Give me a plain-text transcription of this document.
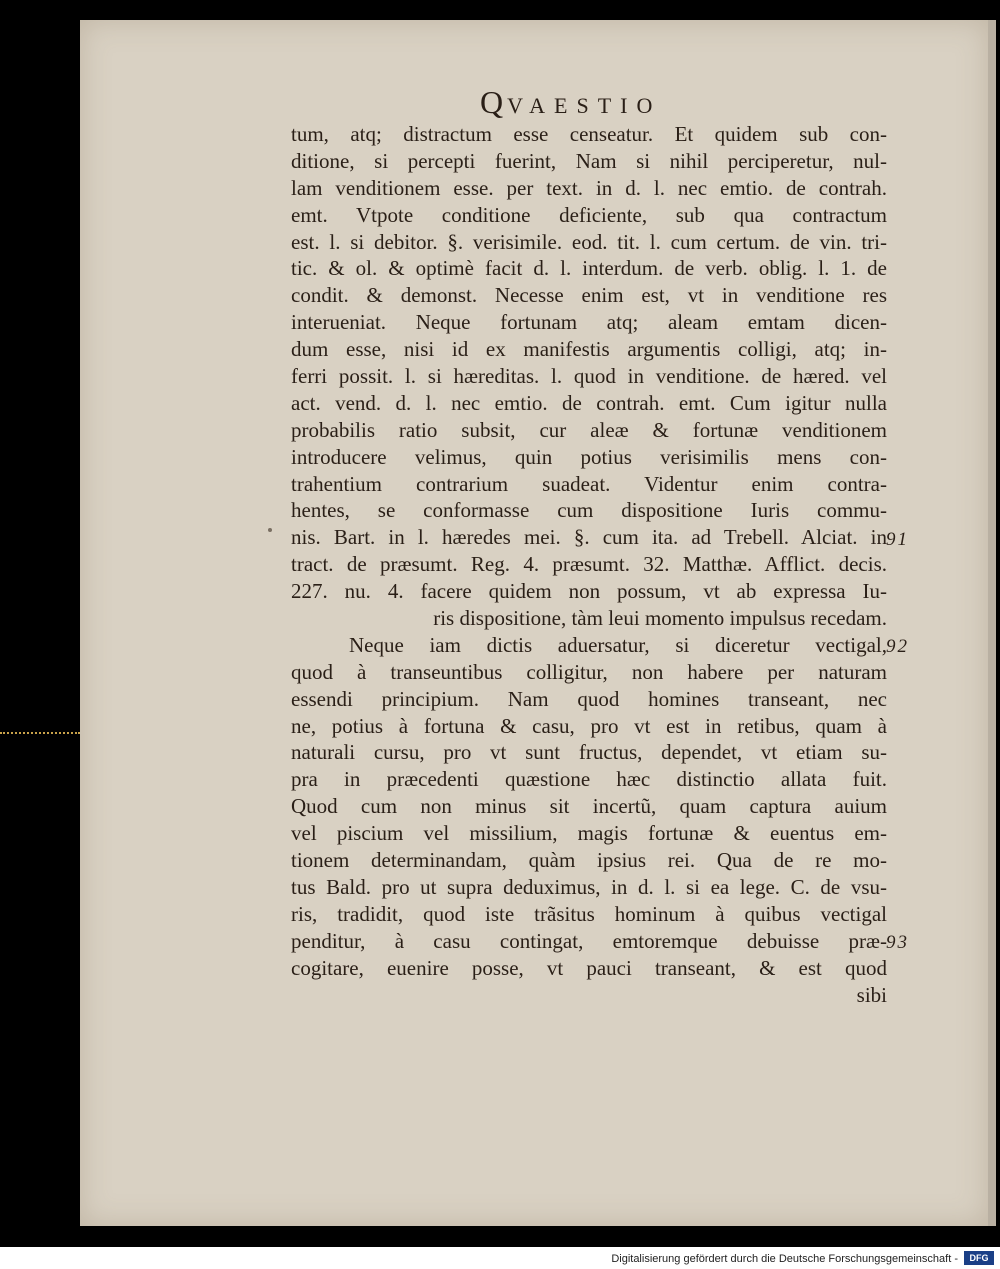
QVAESTIO
tum, atq; distractum esse censeatur. Et quidem sub con-
ditione, si percepti fuerint, Nam si nihil perciperetur, nul-
lam venditionem esse. per text. in d. l. nec emtio. de contrah.
emt. Vtpote conditione deficiente, sub qua contractum
est. l. si debitor. §. verisimile. eod. tit. l. cum certum. de vin. tri-
tic. & ol. & optimè facit d. l. interdum. de verb. oblig. l. 1. de
condit. & demonst. Necesse enim est, vt in venditione res
interueniat. Neque fortunam atq; aleam emtam dicen-
dum esse, nisi id ex manifestis argumentis colligi, atq; in-
ferri possit. l. si hæreditas. l. quod in venditione. de hæred. vel
act. vend. d. l. nec emtio. de contrah. emt. Cum igitur nulla
probabilis ratio subsit, cur aleæ & fortunæ venditionem
introducere velimus, quin potius verisimilis mens con-
trahentium contrarium suadeat. Videntur enim contra-
hentes, se conformasse cum dispositione Iuris commu-
nis. Bart. in l. hæredes mei. §. cum ita. ad Trebell. Alciat. in
tract. de præsumt. Reg. 4. præsumt. 32. Matthæ. Afflict. decis.
227. nu. 4. facere quidem non possum, vt ab expressa Iu-
ris dispositione, tàm leui momento impulsus recedam.
Neque iam dictis aduersatur, si diceretur vectigal,
quod à transeuntibus colligitur, non habere per naturam
essendi principium. Nam quod homines transeant, nec
ne, potius à fortuna & casu, pro vt est in retibus, quam à
naturali cursu, pro vt sunt fructus, dependet, vt etiam su-
pra in præcedenti quæstione hæc distinctio allata fuit.
Quod cum non minus sit incertũ, quam captura auium
vel piscium vel missilium, magis fortunæ & euentus em-
tionem determinandam, quàm ipsius rei. Qua de re mo-
tus Bald. pro ut supra deduximus, in d. l. si ea lege. C. de vsu-
ris, tradidit, quod iste trãsitus hominum à quibus vectigal
penditur, à casu contingat, emtoremque debuisse præ-
cogitare, euenire posse, vt pauci transeant, & est quod
sibi
91
92
93
Digitalisierung gefördert durch die Deutsche Forschungsgemeinschaft -	DFG
